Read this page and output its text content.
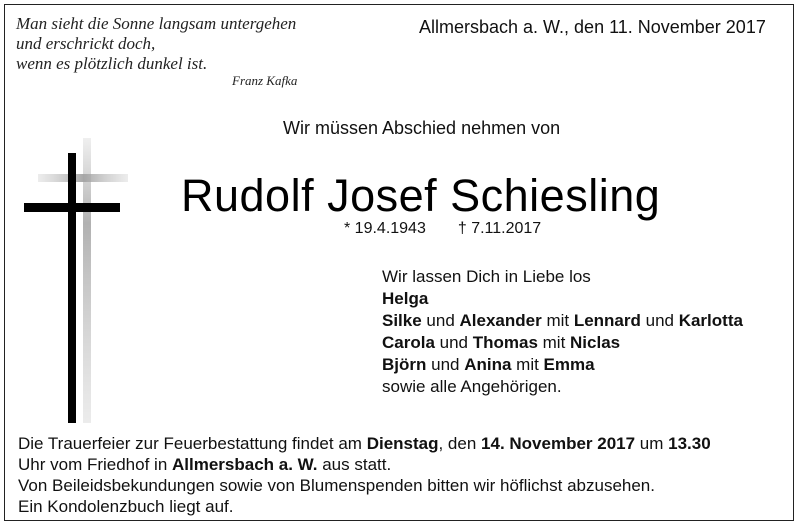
Man sieht die Sonne langsam untergehen
und erschrickt doch,
wenn es plötzlich dunkel ist.
Franz Kafka
Allmersbach a. W., den 11. November 2017
Wir müssen Abschied nehmen von
Rudolf Josef Schiesling
* 19.4.1943 † 7.11.2017
Wir lassen Dich in Liebe los
Helga
Silke und Alexander mit Lennard und Karlotta
Carola und Thomas mit Niclas
Björn und Anina mit Emma
sowie alle Angehörigen.
Die Trauerfeier zur Feuerbestattung findet am Dienstag, den 14. November 2017 um 13.30
Uhr vom Friedhof in Allmersbach a. W. aus statt.
Von Beileidsbekundungen sowie von Blumenspenden bitten wir höflichst abzusehen.
Ein Kondolenzbuch liegt auf.
